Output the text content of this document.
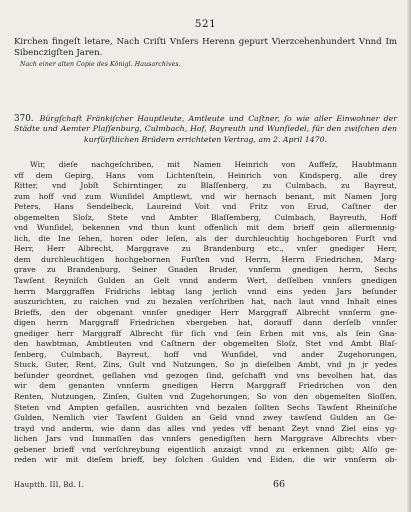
521
Kirchen fingeſt letare, Nach Criſti Vnſers Herenn gepurt Vierzcehenhundert Vnnd Im
Sibenczigſten Jaren.
Nach einer alten Copie des Königl. Hausarchives.
370. Bürgſchaft Fränkiſcher Hauptleute, Amtleute und Caſtner, ſo wie aller Einwohner der
Städte und Aemter Plaſſenburg, Culmbach, Hof, Bayreuth und Wunſiedel, für den zwiſchen den
kurfürſtlichen Brüdern errichteten Vertrag, am 2. April 1470.
Wir, dieſe nachgeſchriben, mit Namen Heinrich von Auffeſz, Haubtmann
vff dem Gepirg, Hans vom Lichtenſtein, Heinrich von Kindsperg, alle drey
Ritter, vnd Jobſt Schirntinger, zu Blaſſenberg, zu Culmbach, zu Bayreut,
zum hoff vnd zum Wunſidel Amptlewt, vnd wir hernach benant, mit Namen Jorg
Peters, Hans Sendelbeck, Laureind Voit vnd Fritz von Erud, Caſtner der
obgemelten Sloſz, Stete vnd Ambter Blaſſemberg, Culmbach, Bayreuth, Hoff
vnd Wunſidel, bekennen vnd thun kunt offenlich mit dem brieff gein allermennig-
lich, die Ine ſehen, horen oder leſen, als der durchleuchtig hochgeboren Furſt vnd
Herr, Herr Albrecht, Marggrave zu Brandenburg etc., vnſer gnediger Herr,
dem durchleuchtigen hochgebornen Furſten vnd Herrn, Herrn Friedrichen, Marg-
grave zu Brandenburg, Seiner Gnaden Bruder, vnnſerm gnedigen herrn, Sechs
Tawſent Reyniſch Gulden an Gelt vnnd anderm Wert, deſſelben vnnſers gnedigen
herrn Marggraffen Fridrichs lebtag lang jerlich vnnd eins yeden Jars beſunder
auszurichten, zu raichen vnd zu bezalen verſchriben hat, nach laut vnnd Inhalt eines
Brieffs, den der obgenant vnnſer gnediger Herr Marggraff Albrecht vnnſerm gne-
digen herrn Marggraff Friedrichen vbergeben hat, dorauff dann derſelb vnnſer
gnediger herr Marggraff Albrecht für ſich vnd ſein Erben mit vns, als ſein Gna-
den hawbtman, Ambtleuten vnd Caſtnern der obgemelten Sloſz, Stet vnd Ambt Blaſ-
ſenberg, Culmbach, Bayreut, hoff vnd Wunſidel, vnd ander Zugehorungen,
Stuck, Guter, Rent, Zins, Gult vnd Nutzungen, So jn dieſelben Ambt, vnd jn jr yedes
beſunder geordnet, geſlahen vnd gezogen ſind, geſchafft vnd vns bevolhen hat, das
wir dem genanten vnnſerm gnedigen Herrn Marggraff Friedrichen von den
Renten, Nutzungen, Zinſen, Gulten vnd Zugehorungen, So von den obgemelten Sloſſen,
Steten vnd Ampten gefallen, ausrichten vnd bezalen ſollten Sechs Tawſent Rheiniſche
Gulden, Nemlich vier Tawſent Gulden an Geld vnnd zwey tawſend Gulden an Ge-
trayd vnd anderm, wie dann das alles vnd yedes vff benant Zeyt vnnd Ziel eins yg-
lichen Jars vnd Innmaſſen das vnnſers genedigſten hern Marggrave Albrechts vber-
gebener brieff vnd verſchreybung eigentlich anzaigt vnnd zu erkennen gibt; Alſo ge-
reden wir mit dieſem brieff, bey ſolchen Gulden vnd Eiden, die wir vnnſerm ob-
Hauptth. III, Bd. I.	66
